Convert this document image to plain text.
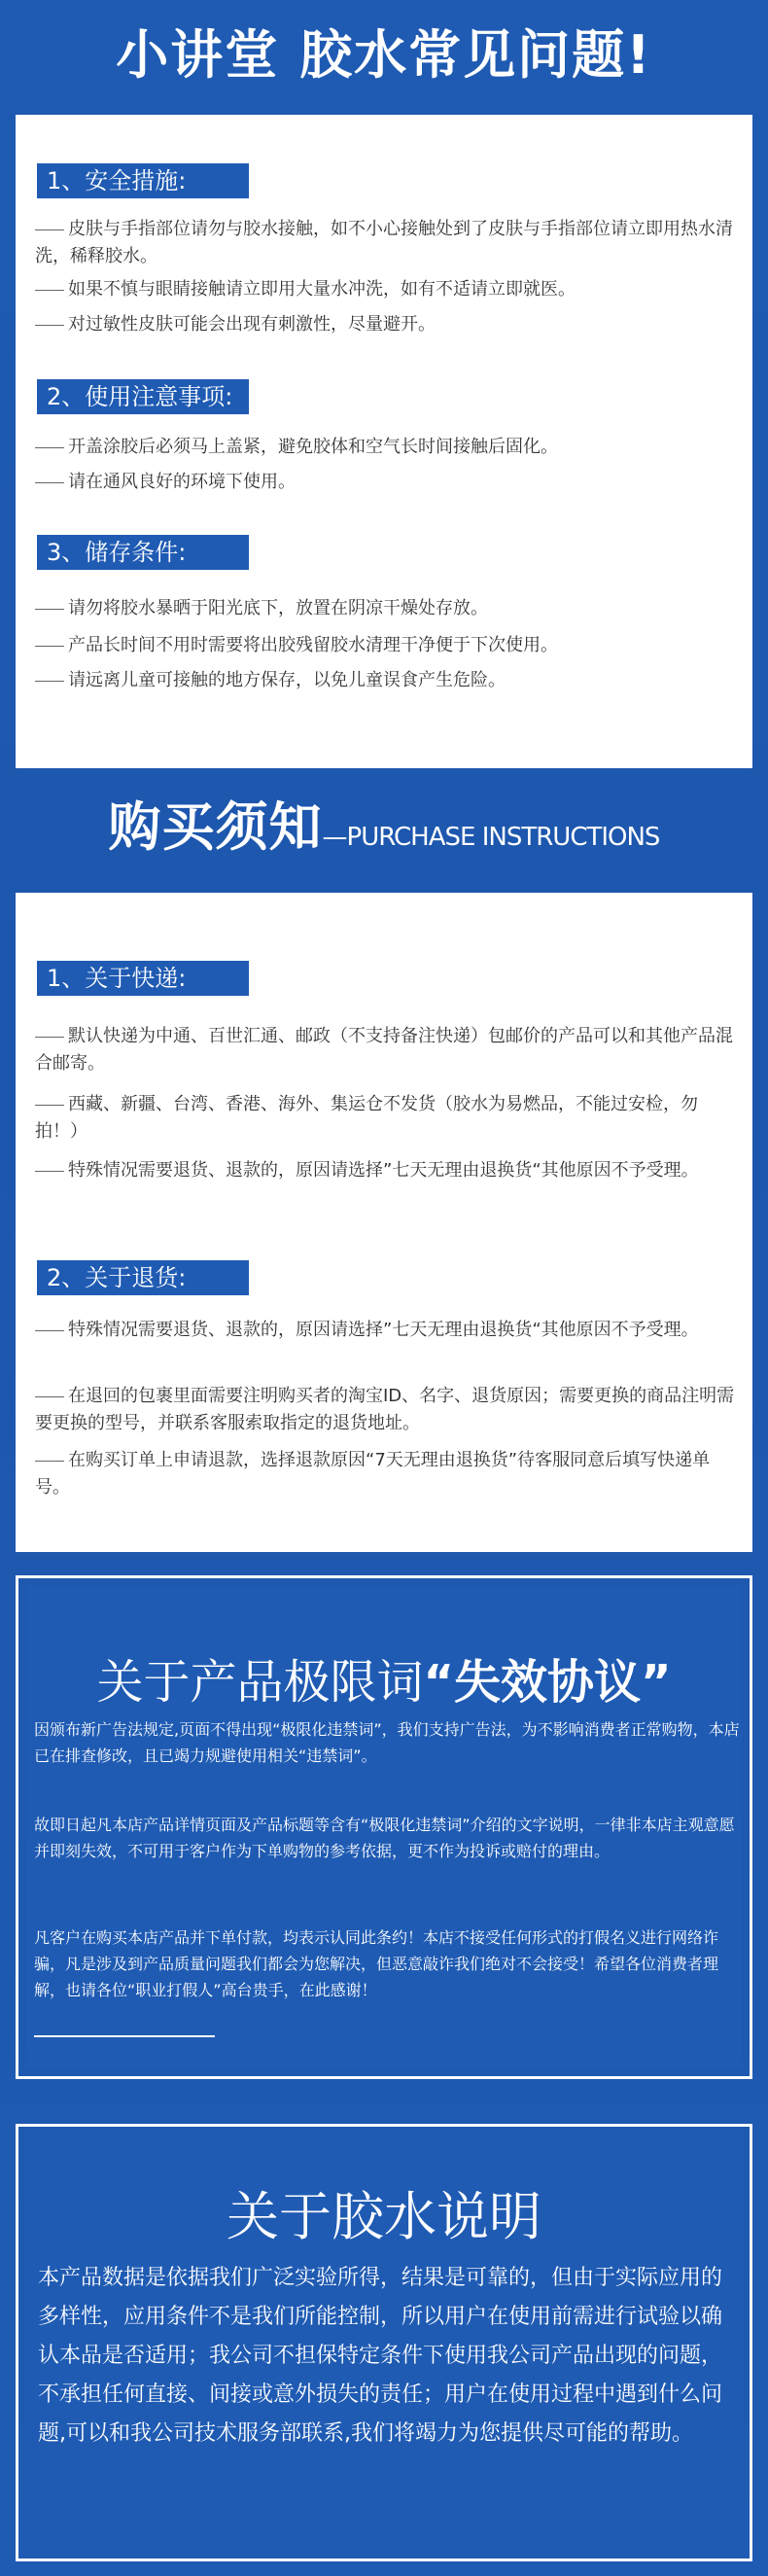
小讲堂 胶水常见问题!
1、安全措施:
皮肤与手指部位请勿与胶水接触，如不小心接触处到了皮肤与手指部位请立即用热水清洗，稀释胶水。
如果不慎与眼睛接触请立即用大量水冲洗，如有不适请立即就医。
对过敏性皮肤可能会出现有刺激性，尽量避开。
2、使用注意事项:
开盖涂胶后必须马上盖紧，避免胶体和空气长时间接触后固化。
请在通风良好的环境下使用。
3、储存条件:
请勿将胶水暴晒于阳光底下，放置在阴凉干燥处存放。
产品长时间不用时需要将出胶残留胶水清理干净便于下次使用。
请远离儿童可接触的地方保存，以免儿童误食产生危险。
购买须知—PURCHASE INSTRUCTIONS
1、关于快递:
默认快递为中通、百世汇通、邮政（不支持备注快递）包邮价的产品可以和其他产品混合邮寄。
西藏、新疆、台湾、香港、海外、集运仓不发货（胶水为易燃品，不能过安检，勿拍！）
特殊情况需要退货、退款的，原因请选择”七天无理由退换货“其他原因不予受理。
2、关于退货:
特殊情况需要退货、退款的，原因请选择”七天无理由退换货“其他原因不予受理。
在退回的包裹里面需要注明购买者的淘宝ID、名字、退货原因；需要更换的商品注明需要更换的型号，并联系客服索取指定的退货地址。
在购买订单上申请退款，选择退款原因“7天无理由退换货”待客服同意后填写快递单号。
关于产品极限词“失效协议”
因颁布新广告法规定,页面不得出现“极限化违禁词”，我们支持广告法，为不影响消费者正常购物，本店已在排查修改，且已竭力规避使用相关“违禁词”。
故即日起凡本店产品详情页面及产品标题等含有“极限化违禁词”介绍的文字说明，一律非本店主观意愿并即刻失效，不可用于客户作为下单购物的参考依据，更不作为投诉或赔付的理由。
凡客户在购买本店产品并下单付款，均表示认同此条约！本店不接受任何形式的打假名义进行网络诈骗，凡是涉及到产品质量问题我们都会为您解决，但恶意敲诈我们绝对不会接受！希望各位消费者理解，也请各位“职业打假人”高台贵手，在此感谢！
关于胶水说明
本产品数据是依据我们广泛实验所得，结果是可靠的，但由于实际应用的多样性，应用条件不是我们所能控制，所以用户在使用前需进行试验以确认本品是否适用；我公司不担保特定条件下使用我公司产品出现的问题，不承担任何直接、间接或意外损失的责任；用户在使用过程中遇到什么问题,可以和我公司技术服务部联系,我们将竭力为您提供尽可能的帮助。
